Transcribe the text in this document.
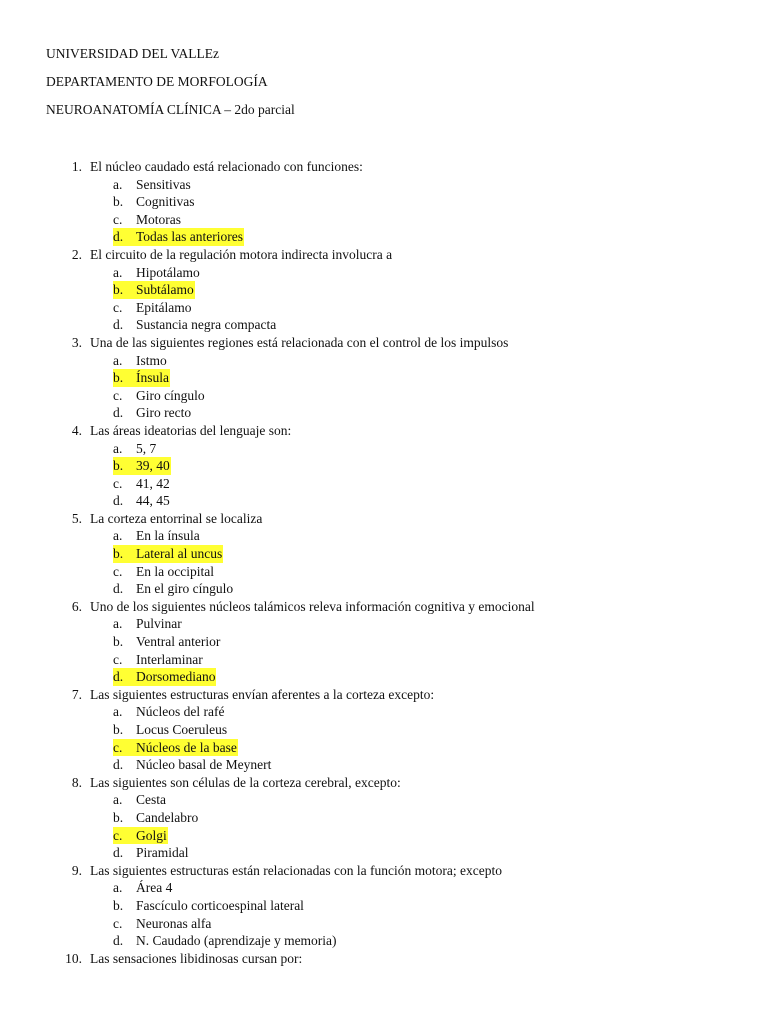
UNIVERSIDAD DEL VALLEz
DEPARTAMENTO DE MORFOLOGÍA
NEUROANATOMÍA CLÍNICA – 2do parcial
1. El núcleo caudado está relacionado con funciones:
a. Sensitivas
b. Cognitivas
c. Motoras
d. Todas las anteriores
2. El circuito de la regulación motora indirecta involucra a
a. Hipotálamo
b. Subtálamo
c. Epitálamo
d. Sustancia negra compacta
3. Una de las siguientes regiones está relacionada con el control de los impulsos
a. Istmo
b. Ínsula
c. Giro cíngulo
d. Giro recto
4. Las áreas ideatorias del lenguaje son:
a. 5, 7
b. 39, 40
c. 41, 42
d. 44, 45
5. La corteza entorrinal se localiza
a. En la ínsula
b. Lateral al uncus
c. En la occipital
d. En el giro cíngulo
6. Uno de los siguientes núcleos talámicos releva información cognitiva y emocional
a. Pulvinar
b. Ventral anterior
c. Interlaminar
d. Dorsomediano
7. Las siguientes estructuras envían aferentes a la corteza excepto:
a. Núcleos del rafé
b. Locus Coeruleus
c.	Núcleos de la base
d. Núcleo basal de Meynert
8. Las siguientes son células de la corteza cerebral, excepto:
a. Cesta
b. Candelabro
c.	Golgi
d. Piramidal
9. Las siguientes estructuras están relacionadas con la función motora; excepto
a. Área 4
b. Fascículo corticoespinal lateral
c. Neuronas alfa
d. N. Caudado (aprendizaje y memoria)
10. Las sensaciones libidinosas cursan por:
